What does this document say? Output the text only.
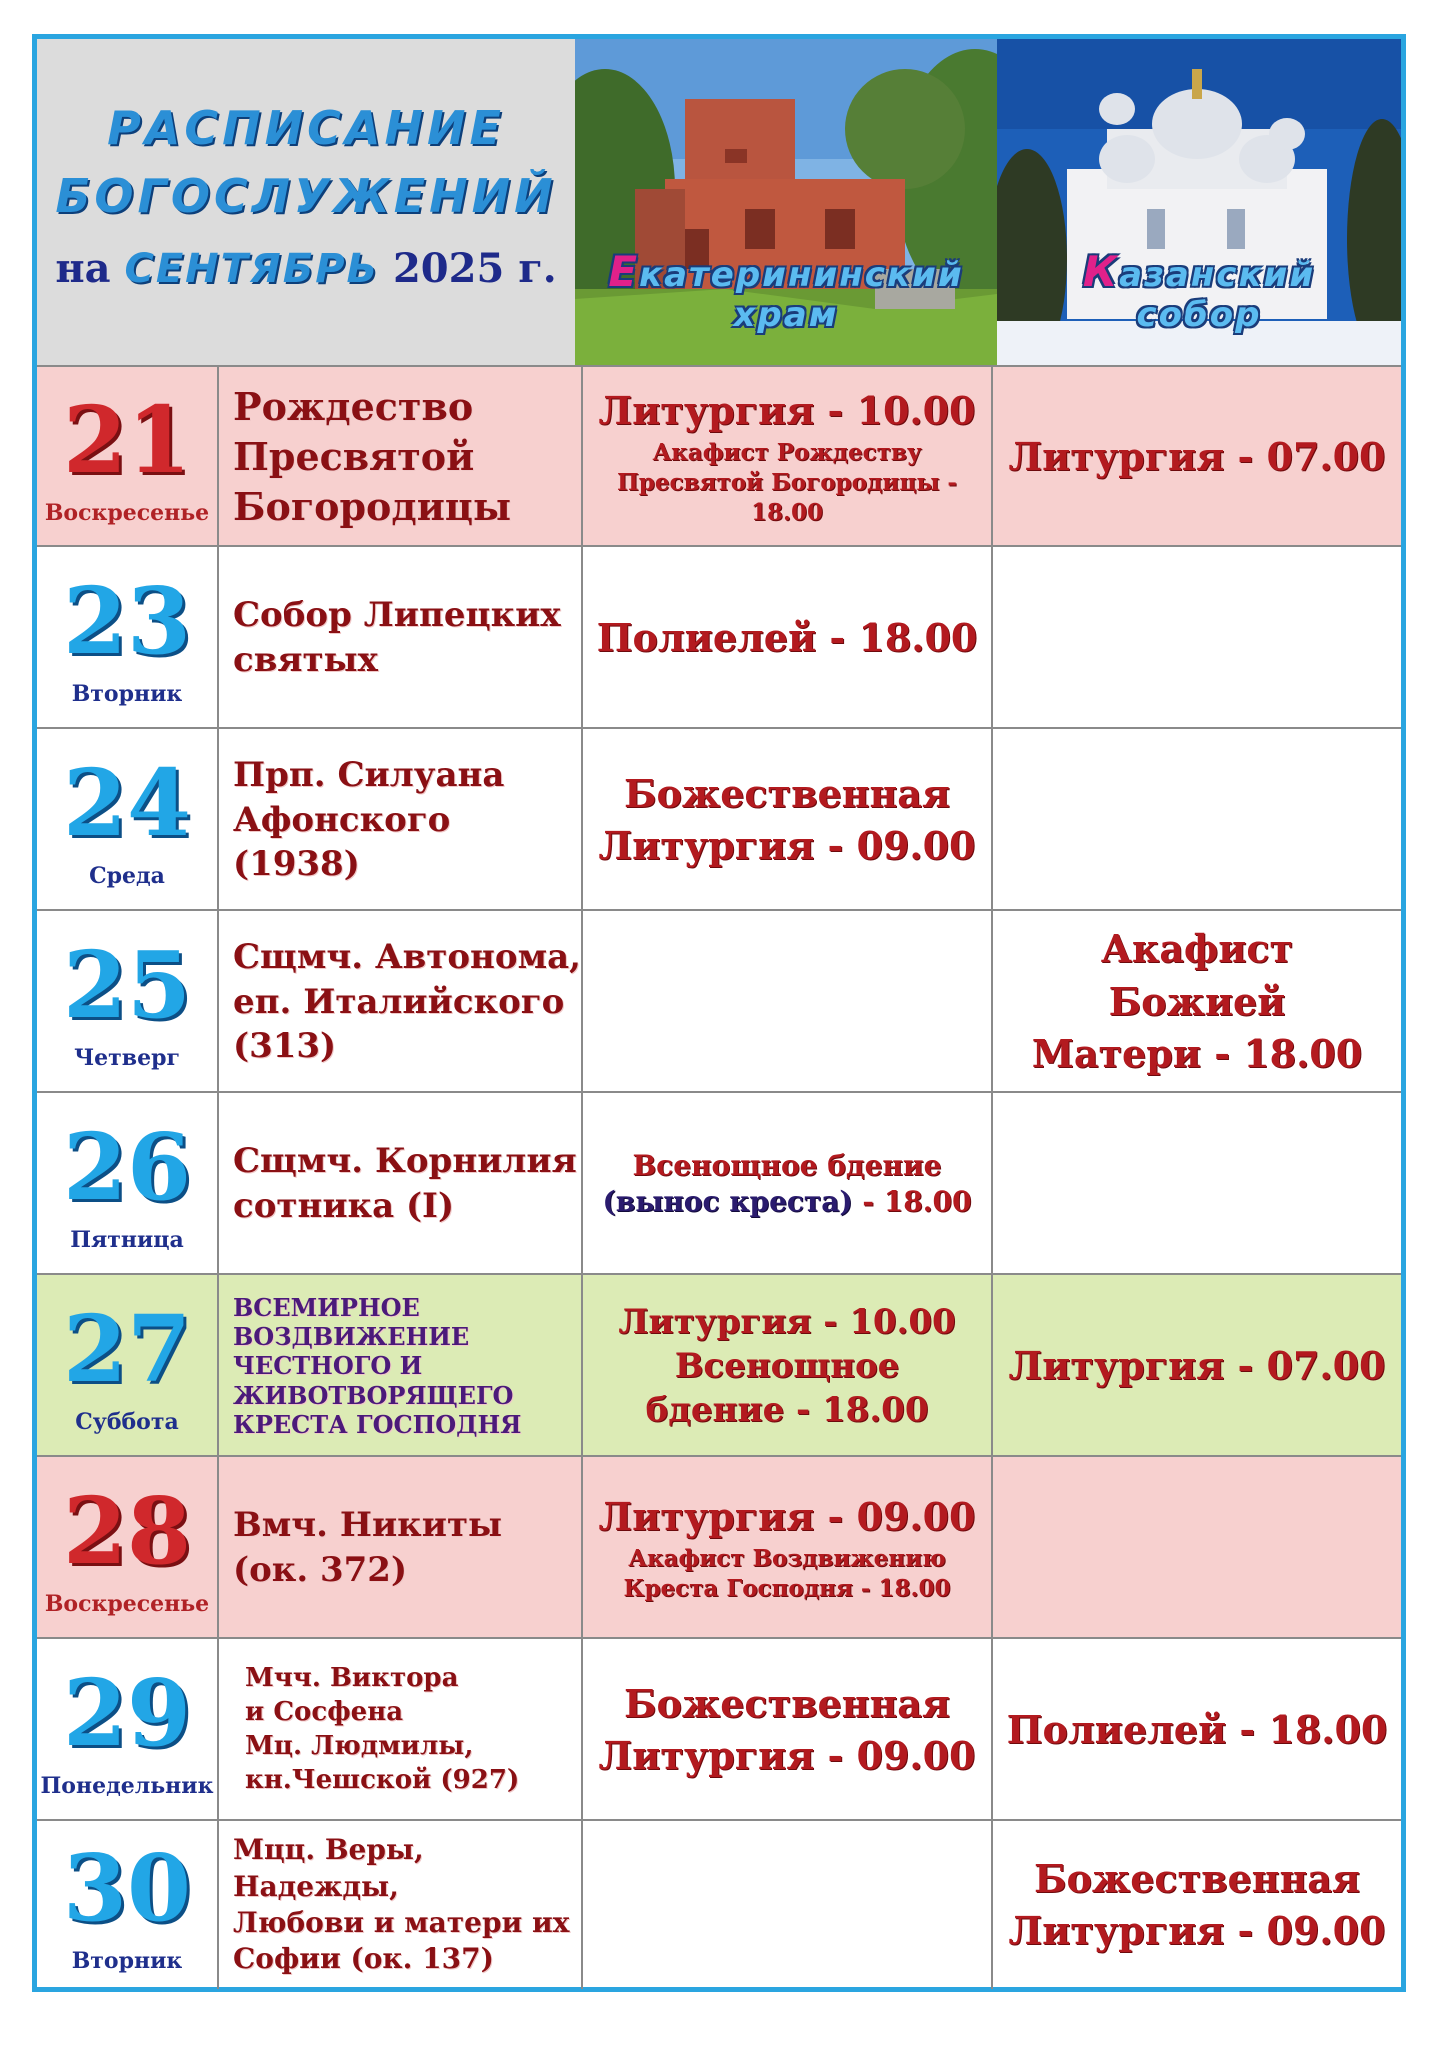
РАСПИСАНИЕ
БОГОСЛУЖЕНИЙ
на СЕНТЯБРЬ 2025 г.	Екатерининский
храм
Казанский
собор
21
Воскресенье
Рождество
Пресвятой
Богородицы
Литургия - 10.00
Акафист Рождеству
Пресвятой Богородицы -
18.00
Литургия - 07.00
23
Вторник
Собор Липецких
святых
Полиелей - 18.00
24
Среда
Прп. Силуана
Афонского (1938)
Божественная
Литургия - 09.00
25
Четверг
Сщмч. Автонома,
еп. Италийского
(313)
Акафист
Божией
Матери - 18.00
26
Пятница
Сщмч. Корнилия
сотника (I)
Всенощное бдение
(вынос креста) - 18.00
27
Суббота
ВСЕМИРНОЕ
ВОЗДВИЖЕНИЕ
ЧЕСТНОГО И
ЖИВОТВОРЯЩЕГО
КРЕСТА ГОСПОДНЯ
Литургия - 10.00
Всенощное
бдение - 18.00
Литургия - 07.00
28
Воскресенье
Вмч. Никиты
(ок. 372)
Литургия - 09.00
Акафист Воздвижению
Креста Господня - 18.00
29
Понедельник
Мчч. Виктора
и Сосфена
Мц. Людмилы,
кн.Чешской (927)
Божественная
Литургия - 09.00
Полиелей - 18.00
30
Вторник
Мцц. Веры,
Надежды,
Любови и матери их
Софии (ок. 137)
Божественная
Литургия - 09.00
